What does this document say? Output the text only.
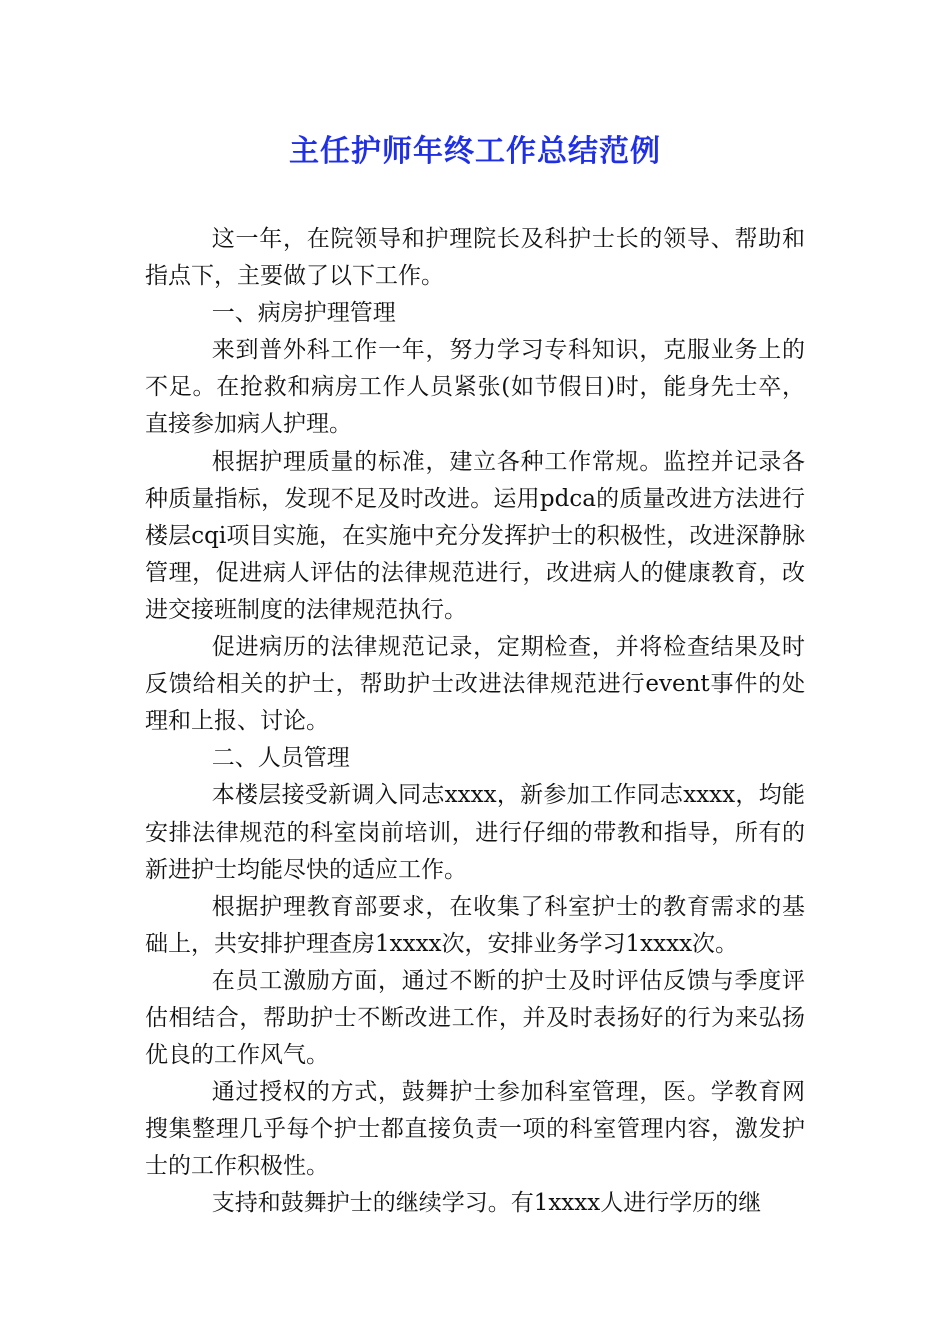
主任护师年终工作总结范例

这一年，在院领导和护理院长及科护士长的领导、帮助和指点下，主要做了以下工作。

一、病房护理管理

来到普外科工作一年，努力学习专科知识，克服业务上的不足。在抢救和病房工作人员紧张(如节假日)时，能身先士卒，直接参加病人护理。

根据护理质量的标准，建立各种工作常规。监控并记录各种质量指标，发现不足及时改进。运用pdca的质量改进方法进行楼层cqi项目实施，在实施中充分发挥护士的积极性，改进深静脉管理，促进病人评估的法律规范进行，改进病人的健康教育，改进交接班制度的法律规范执行。

促进病历的法律规范记录，定期检查，并将检查结果及时反馈给相关的护士，帮助护士改进法律规范进行event事件的处理和上报、讨论。

二、人员管理

本楼层接受新调入同志xxxx，新参加工作同志xxxx，均能安排法律规范的科室岗前培训，进行仔细的带教和指导，所有的新进护士均能尽快的适应工作。

根据护理教育部要求，在收集了科室护士的教育需求的基础上，共安排护理查房1xxxx次，安排业务学习1xxxx次。

在员工激励方面，通过不断的护士及时评估反馈与季度评估相结合，帮助护士不断改进工作，并及时表扬好的行为来弘扬优良的工作风气。

通过授权的方式，鼓舞护士参加科室管理，医。学教育网搜集整理几乎每个护士都直接负责一项的科室管理内容，激发护士的工作积极性。

支持和鼓舞护士的继续学习。有1xxxx人进行学历的继
